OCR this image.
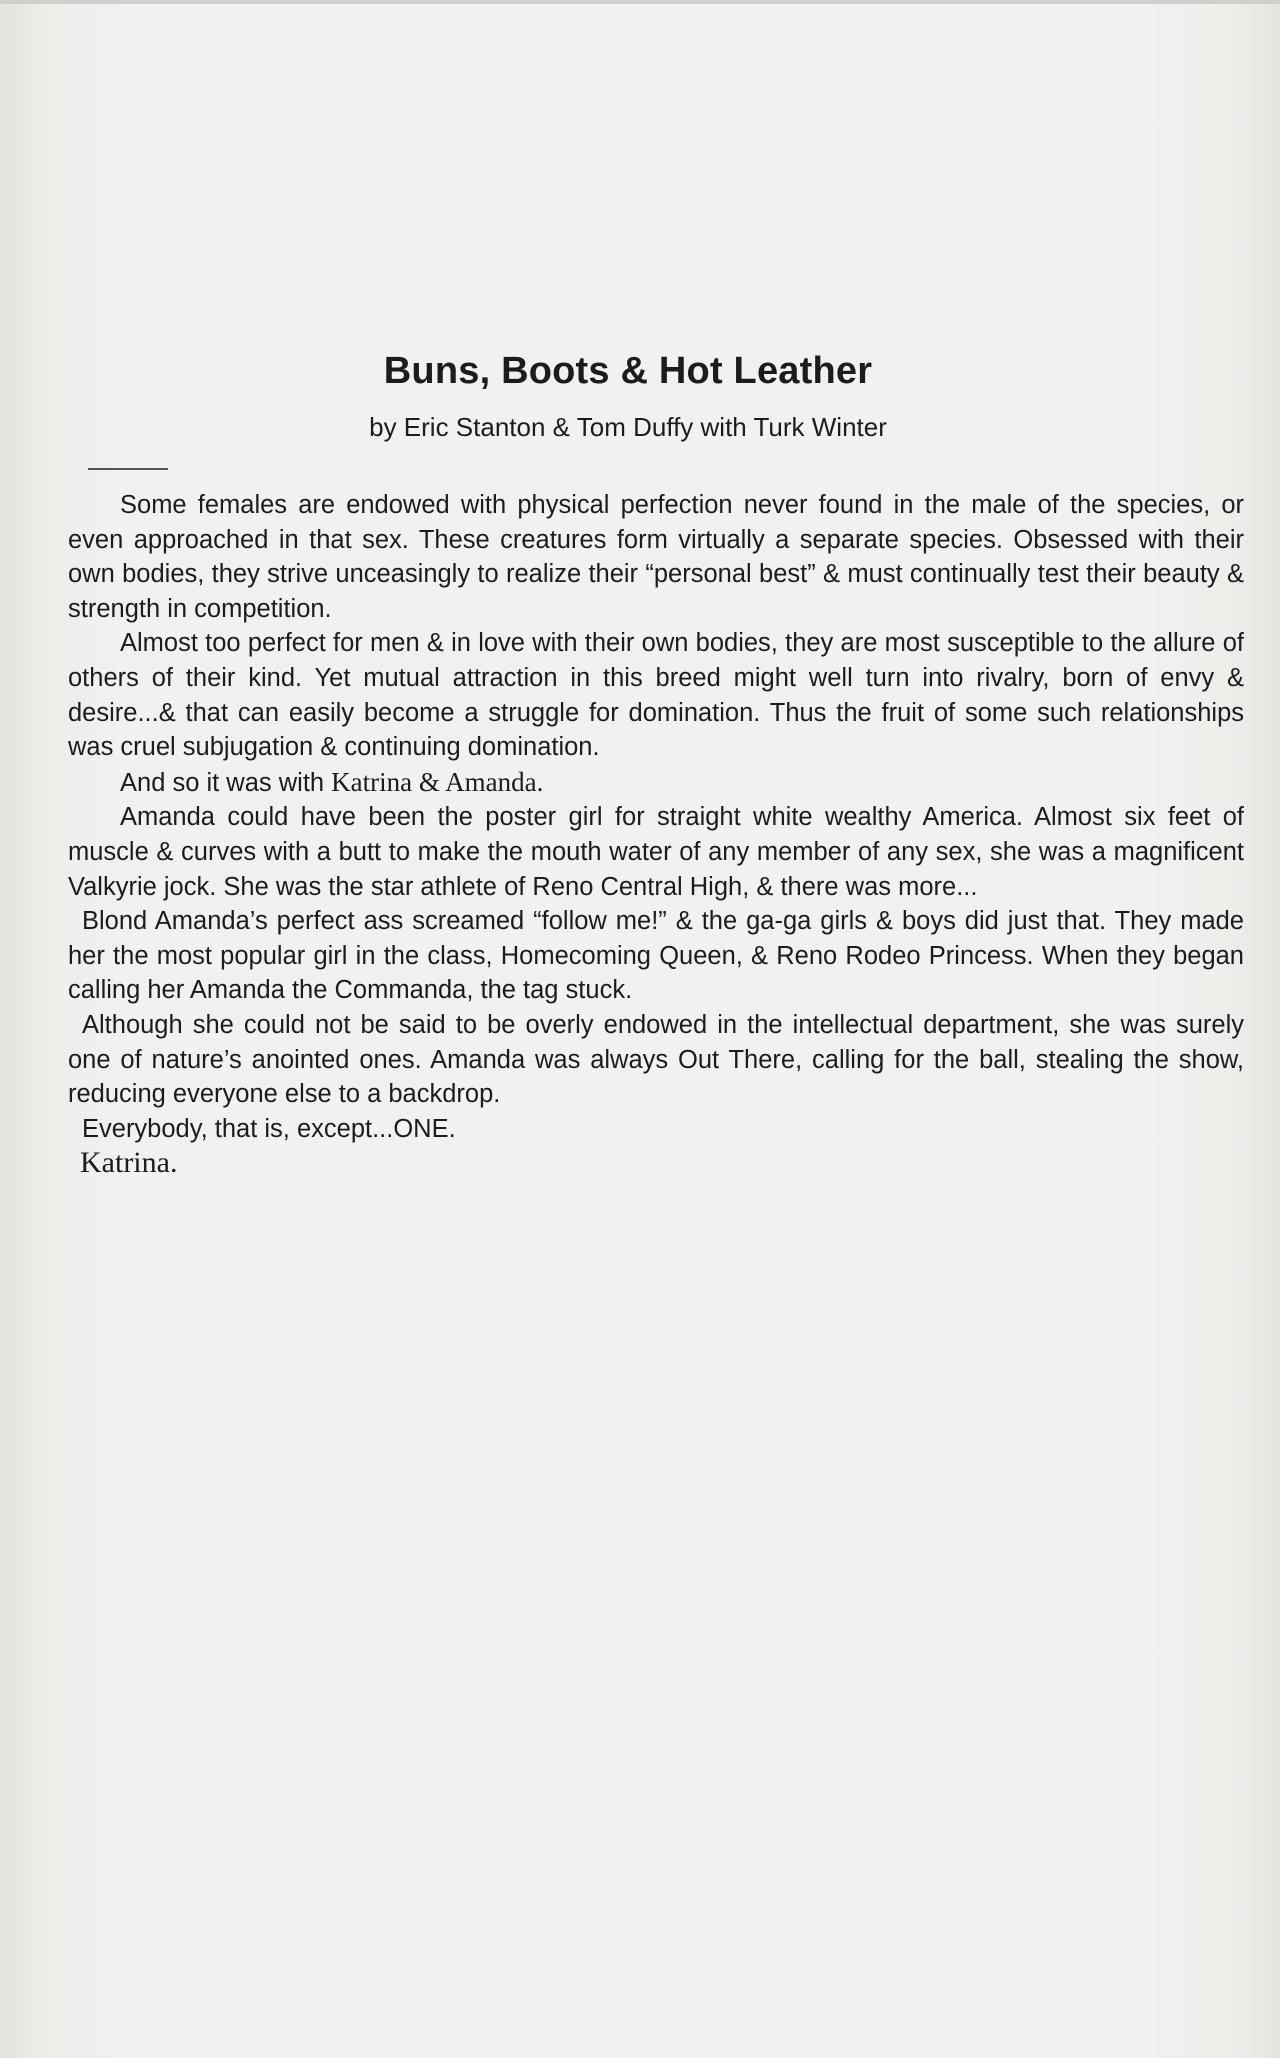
Buns, Boots & Hot Leather
by Eric Stanton & Tom Duffy with Turk Winter

Some females are endowed with physical perfection never found in the male of the species, or even approached in that sex. These creatures form virtually a separate species. Obsessed with their own bodies, they strive unceasingly to realize their “personal best” & must continually test their beauty & strength in competition.

Almost too perfect for men & in love with their own bodies, they are most susceptible to the allure of others of their kind. Yet mutual attraction in this breed might well turn into rivalry, born of envy & desire...& that can easily become a struggle for domination. Thus the fruit of some such relationships was cruel subjugation & continuing domination.

And so it was with Katrina & Amanda.

Amanda could have been the poster girl for straight white wealthy America. Almost six feet of muscle & curves with a butt to make the mouth water of any member of any sex, she was a magnificent Valkyrie jock. She was the star athlete of Reno Central High, & there was more...

Blond Amanda’s perfect ass screamed “follow me!” & the ga-ga girls & boys did just that. They made her the most popular girl in the class, Homecoming Queen, & Reno Rodeo Princess. When they began calling her Amanda the Commanda, the tag stuck.

Although she could not be said to be overly endowed in the intellectual department, she was surely one of nature’s anointed ones. Amanda was always Out There, calling for the ball, stealing the show, reducing everyone else to a backdrop.

Everybody, that is, except...ONE.

Katrina.
